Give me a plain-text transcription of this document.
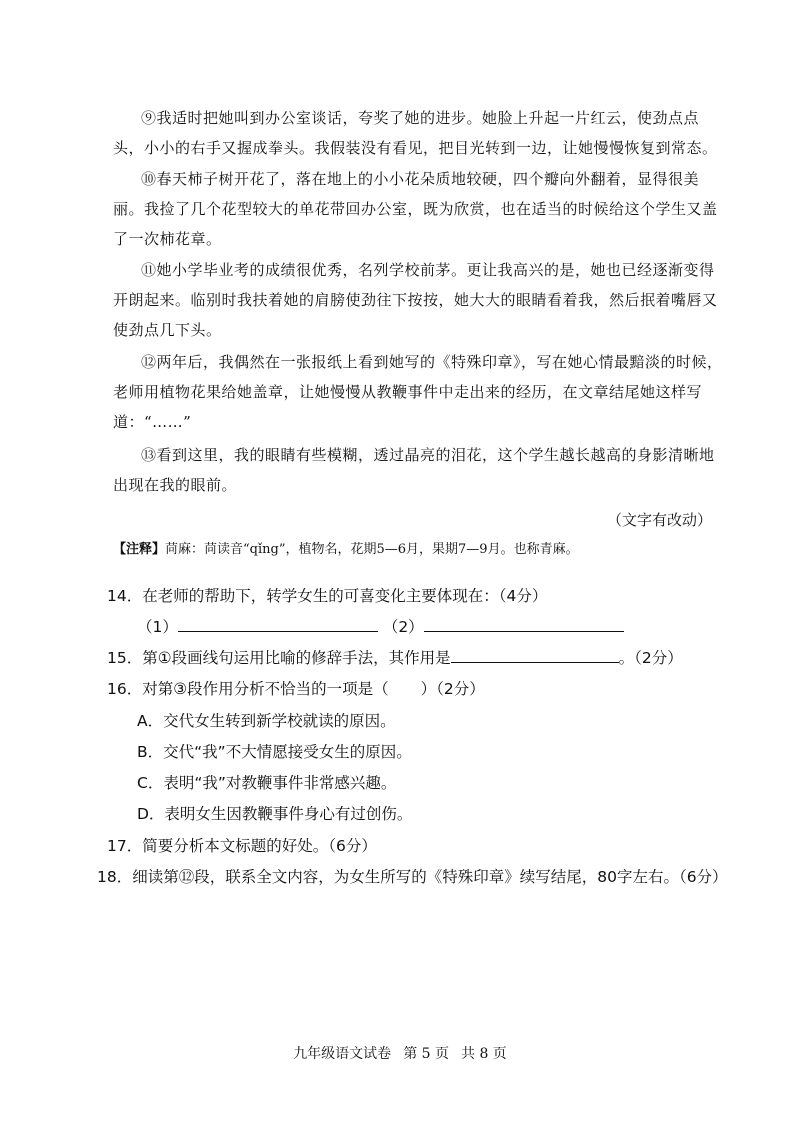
⑨我适时把她叫到办公室谈话，夸奖了她的进步。她脸上升起一片红云，使劲点点头，小小的右手又握成拳头。我假装没有看见，把目光转到一边，让她慢慢恢复到常态。
⑩春天柿子树开花了，落在地上的小小花朵质地较硬，四个瓣向外翻着，显得很美丽。我捡了几个花型较大的单花带回办公室，既为欣赏，也在适当的时候给这个学生又盖了一次柿花章。
⑪她小学毕业考的成绩很优秀，名列学校前茅。更让我高兴的是，她也已经逐渐变得开朗起来。临别时我扶着她的肩膀使劲往下按按，她大大的眼睛看着我，然后抿着嘴唇又使劲点几下头。
⑫两年后，我偶然在一张报纸上看到她写的《特殊印章》，写在她心情最黯淡的时候，老师用植物花果给她盖章，让她慢慢从教鞭事件中走出来的经历，在文章结尾她这样写道：“……”
⑬看到这里，我的眼睛有些模糊，透过晶亮的泪花，这个学生越长越高的身影清晰地出现在我的眼前。
（文字有改动）
【注释】苘麻：苘读音“qǐng”，植物名，花期5—6月，果期7—9月。也称青麻。
14．在老师的帮助下，转学女生的可喜变化主要体现在：（4分）
（1）	（2）
15．第①段画线句运用比喻的修辞手法，其作用是	。（2分）
16．对第③段作用分析不恰当的一项是（ ）（2分）
A．交代女生转到新学校就读的原因。
B．交代“我”不大情愿接受女生的原因。
C．表明“我”对教鞭事件非常感兴趣。
D．表明女生因教鞭事件身心有过创伤。
17．简要分析本文标题的好处。（6分）
18．细读第⑫段，联系全文内容，为女生所写的《特殊印章》续写结尾，80字左右。（6分）
九年级语文试卷 第 5 页 共 8 页
